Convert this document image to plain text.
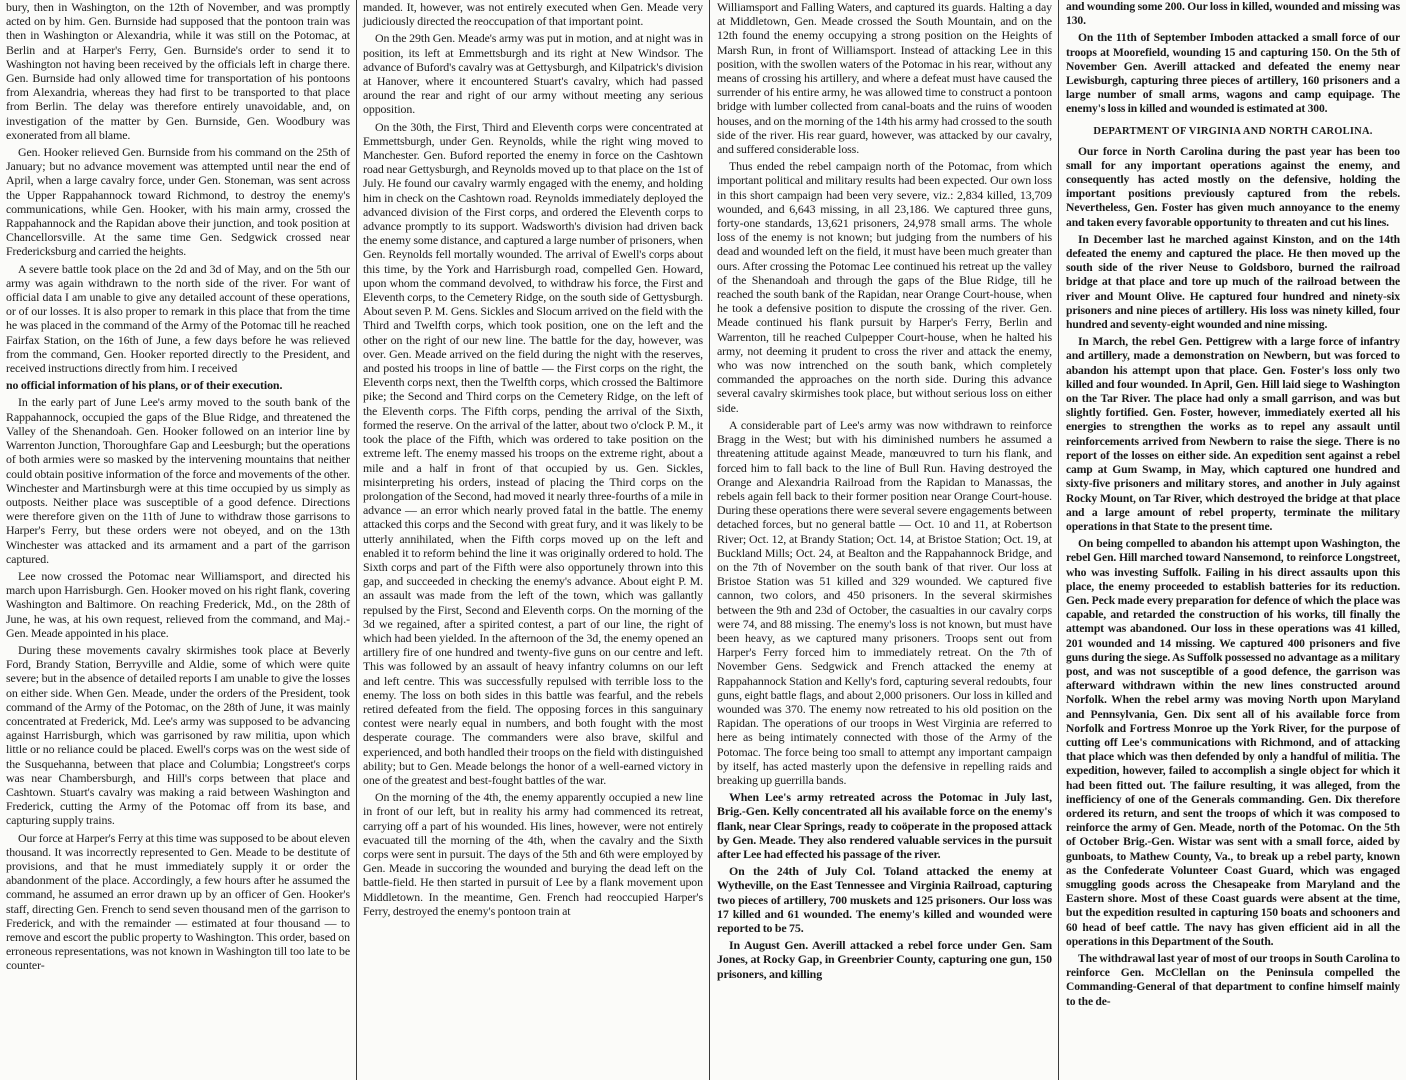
bury, then in Washington, on the 12th of November, and was promptly acted on by him. Gen. Burnside had supposed that the pontoon train was then in Washington or Alexandria, while it was still on the Potomac, at Berlin and at Harper's Ferry, Gen. Burnside's order to send it to Washington not having been received by the officials left in charge there. Gen. Burnside had only allowed time for transportation of his pontoons from Alexandria, whereas they had first to be transported to that place from Berlin. The delay was therefore entirely unavoidable, and, on investigation of the matter by Gen. Burnside, Gen. Woodbury was exonerated from all blame.

Gen. Hooker relieved Gen. Burnside from his command on the 25th of January; but no advance movement was attempted until near the end of April, when a large cavalry force, under Gen. Stoneman, was sent across the Upper Rappahannock toward Richmond, to destroy the enemy's communications, while Gen. Hooker, with his main army, crossed the Rappahannock and the Rapidan above their junction, and took position at Chancellorsville. At the same time Gen. Sedgwick crossed near Fredericksburg and carried the heights.

A severe battle took place on the 2d and 3d of May, and on the 5th our army was again withdrawn to the north side of the river. For want of official data I am unable to give any detailed account of these operations, or of our losses. It is also proper to remark in this place that from the time he was placed in the command of the Army of the Potomac till he reached Fairfax Station, on the 16th of June, a few days before he was relieved from the command, Gen. Hooker reported directly to the President, and received instructions directly from him. I received

no official information of his plans, or of their execution.

In the early part of June Lee's army moved to the south bank of the Rappahannock, occupied the gaps of the Blue Ridge, and threatened the Valley of the Shenandoah. Gen. Hooker followed on an interior line by Warrenton Junction, Thoroughfare Gap and Leesburgh; but the operations of both armies were so masked by the intervening mountains that neither could obtain positive information of the force and movements of the other. Winchester and Martinsburgh were at this time occupied by us simply as outposts. Neither place was susceptible of a good defence. Directions were therefore given on the 11th of June to withdraw those garrisons to Harper's Ferry, but these orders were not obeyed, and on the 13th Winchester was attacked and its armament and a part of the garrison captured.

Lee now crossed the Potomac near Williamsport, and directed his march upon Harrisburgh. Gen. Hooker moved on his right flank, covering Washington and Baltimore. On reaching Frederick, Md., on the 28th of June, he was, at his own request, relieved from the command, and Maj.-Gen. Meade appointed in his place.

During these movements cavalry skirmishes took place at Beverly Ford, Brandy Station, Berryville and Aldie, some of which were quite severe; but in the absence of detailed reports I am unable to give the losses on either side. When Gen. Meade, under the orders of the President, took command of the Army of the Potomac, on the 28th of June, it was mainly concentrated at Frederick, Md. Lee's army was supposed to be advancing against Harrisburgh, which was garrisoned by raw militia, upon which little or no reliance could be placed. Ewell's corps was on the west side of the Susquehanna, between that place and Columbia; Longstreet's corps was near Chambersburgh, and Hill's corps between that place and Cashtown. Stuart's cavalry was making a raid between Washington and Frederick, cutting the Army of the Potomac off from its base, and capturing supply trains.

Our force at Harper's Ferry at this time was supposed to be about eleven thousand. It was incorrectly represented to Gen. Meade to be destitute of provisions, and that he must immediately supply it or order the abandonment of the place. Accordingly, a few hours after he assumed the command, he assumed an error drawn up by an officer of Gen. Hooker's staff, directing Gen. French to send seven thousand men of the garrison to Frederick, and with the remainder — estimated at four thousand — to remove and escort the public property to Washington. This order, based on erroneous representations, was not known in Washington till too late to be counter-

manded. It, however, was not entirely executed when Gen. Meade very judiciously directed the reoccupation of that important point.

On the 29th Gen. Meade's army was put in motion, and at night was in position, its left at Emmettsburgh and its right at New Windsor. The advance of Buford's cavalry was at Gettysburgh, and Kilpatrick's division at Hanover, where it encountered Stuart's cavalry, which had passed around the rear and right of our army without meeting any serious opposition.

On the 30th, the First, Third and Eleventh corps were concentrated at Emmettsburgh, under Gen. Reynolds, while the right wing moved to Manchester. Gen. Buford reported the enemy in force on the Cashtown road near Gettysburgh, and Reynolds moved up to that place on the 1st of July. He found our cavalry warmly engaged with the enemy, and holding him in check on the Cashtown road. Reynolds immediately deployed the advanced division of the First corps, and ordered the Eleventh corps to advance promptly to its support. Wadsworth's division had driven back the enemy some distance, and captured a large number of prisoners, when Gen. Reynolds fell mortally wounded. The arrival of Ewell's corps about this time, by the York and Harrisburgh road, compelled Gen. Howard, upon whom the command devolved, to withdraw his force, the First and Eleventh corps, to the Cemetery Ridge, on the south side of Gettysburgh. About seven P. M. Gens. Sickles and Slocum arrived on the field with the Third and Twelfth corps, which took position, one on the left and the other on the right of our new line. The battle for the day, however, was over. Gen. Meade arrived on the field during the night with the reserves, and posted his troops in line of battle — the First corps on the right, the Eleventh corps next, then the Twelfth corps, which crossed the Baltimore pike; the Second and Third corps on the Cemetery Ridge, on the left of the Eleventh corps. The Fifth corps, pending the arrival of the Sixth, formed the reserve. On the arrival of the latter, about two o'clock P. M., it took the place of the Fifth, which was ordered to take position on the extreme left. The enemy massed his troops on the extreme right, about a mile and a half in front of that occupied by us. Gen. Sickles, misinterpreting his orders, instead of placing the Third corps on the prolongation of the Second, had moved it nearly three-fourths of a mile in advance — an error which nearly proved fatal in the battle. The enemy attacked this corps and the Second with great fury, and it was likely to be utterly annihilated, when the Fifth corps moved up on the left and enabled it to reform behind the line it was originally ordered to hold. The Sixth corps and part of the Fifth were also opportunely thrown into this gap, and succeeded in checking the enemy's advance. About eight P. M. an assault was made from the left of the town, which was gallantly repulsed by the First, Second and Eleventh corps. On the morning of the 3d we regained, after a spirited contest, a part of our line, the right of which had been yielded. In the afternoon of the 3d, the enemy opened an artillery fire of one hundred and twenty-five guns on our centre and left. This was followed by an assault of heavy infantry columns on our left and left centre. This was successfully repulsed with terrible loss to the enemy. The loss on both sides in this battle was fearful, and the rebels retired defeated from the field. The opposing forces in this sanguinary contest were nearly equal in numbers, and both fought with the most desperate courage. The commanders were also brave, skilful and experienced, and both handled their troops on the field with distinguished ability; but to Gen. Meade belongs the honor of a well-earned victory in one of the greatest and best-fought battles of the war.

On the morning of the 4th, the enemy apparently occupied a new line in front of our left, but in reality his army had commenced its retreat, carrying off a part of his wounded. His lines, however, were not entirely evacuated till the morning of the 4th, when the cavalry and the Sixth corps were sent in pursuit. The days of the 5th and 6th were employed by Gen. Meade in succoring the wounded and burying the dead left on the battle-field. He then started in pursuit of Lee by a flank movement upon Middletown. In the meantime, Gen. French had reoccupied Harper's Ferry, destroyed the enemy's pontoon train at

Williamsport and Falling Waters, and captured its guards. Halting a day at Middletown, Gen. Meade crossed the South Mountain, and on the 12th found the enemy occupying a strong position on the Heights of Marsh Run, in front of Williamsport. Instead of attacking Lee in this position, with the swollen waters of the Potomac in his rear, without any means of crossing his artillery, and where a defeat must have caused the surrender of his entire army, he was allowed time to construct a pontoon bridge with lumber collected from canal-boats and the ruins of wooden houses, and on the morning of the 14th his army had crossed to the south side of the river. His rear guard, however, was attacked by our cavalry, and suffered considerable loss.

Thus ended the rebel campaign north of the Potomac, from which important political and military results had been expected. Our own loss in this short campaign had been very severe, viz.: 2,834 killed, 13,709 wounded, and 6,643 missing, in all 23,186. We captured three guns, forty-one standards, 13,621 prisoners, 24,978 small arms. The whole loss of the enemy is not known; but judging from the numbers of his dead and wounded left on the field, it must have been much greater than ours. After crossing the Potomac Lee continued his retreat up the valley of the Shenandoah and through the gaps of the Blue Ridge, till he reached the south bank of the Rapidan, near Orange Court-house, when he took a defensive position to dispute the crossing of the river. Gen. Meade continued his flank pursuit by Harper's Ferry, Berlin and Warrenton, till he reached Culpepper Court-house, when he halted his army, not deeming it prudent to cross the river and attack the enemy, who was now intrenched on the south bank, which completely commanded the approaches on the north side. During this advance several cavalry skirmishes took place, but without serious loss on either side.

A considerable part of Lee's army was now withdrawn to reinforce Bragg in the West; but with his diminished numbers he assumed a threatening attitude against Meade, manœuvred to turn his flank, and forced him to fall back to the line of Bull Run. Having destroyed the Orange and Alexandria Railroad from the Rapidan to Manassas, the rebels again fell back to their former position near Orange Court-house. During these operations there were several severe engagements between detached forces, but no general battle — Oct. 10 and 11, at Robertson River; Oct. 12, at Brandy Station; Oct. 14, at Bristoe Station; Oct. 19, at Buckland Mills; Oct. 24, at Bealton and the Rappahannock Bridge, and on the 7th of November on the south bank of that river. Our loss at Bristoe Station was 51 killed and 329 wounded. We captured five cannon, two colors, and 450 prisoners. In the several skirmishes between the 9th and 23d of October, the casualties in our cavalry corps were 74, and 88 missing. The enemy's loss is not known, but must have been heavy, as we captured many prisoners. Troops sent out from Harper's Ferry forced him to immediately retreat. On the 7th of November Gens. Sedgwick and French attacked the enemy at Rappahannock Station and Kelly's ford, capturing several redoubts, four guns, eight battle flags, and about 2,000 prisoners. Our loss in killed and wounded was 370. The enemy now retreated to his old position on the Rapidan. The operations of our troops in West Virginia are referred to here as being intimately connected with those of the Army of the Potomac. The force being too small to attempt any important campaign by itself, has acted masterly upon the defensive in repelling raids and breaking up guerrilla bands.

When Lee's army retreated across the Potomac in July last, Brig.-Gen. Kelly concentrated all his available force on the enemy's flank, near Clear Springs, ready to coöperate in the proposed attack by Gen. Meade. They also rendered valuable services in the pursuit after Lee had effected his passage of the river.

On the 24th of July Col. Toland attacked the enemy at Wytheville, on the East Tennessee and Virginia Railroad, capturing two pieces of artillery, 700 muskets and 125 prisoners. Our loss was 17 killed and 61 wounded. The enemy's killed and wounded were reported to be 75.

In August Gen. Averill attacked a rebel force under Gen. Sam Jones, at Rocky Gap, in Greenbrier County, capturing one gun, 150 prisoners, and killing

and wounding some 200. Our loss in killed, wounded and missing was 130.

On the 11th of September Imboden attacked a small force of our troops at Moorefield, wounding 15 and capturing 150. On the 5th of November Gen. Averill attacked and defeated the enemy near Lewisburgh, capturing three pieces of artillery, 160 prisoners and a large number of small arms, wagons and camp equipage. The enemy's loss in killed and wounded is estimated at 300.

DEPARTMENT OF VIRGINIA AND NORTH CAROLINA.

Our force in North Carolina during the past year has been too small for any important operations against the enemy, and consequently has acted mostly on the defensive, holding the important positions previously captured from the rebels. Nevertheless, Gen. Foster has given much annoyance to the enemy and taken every favorable opportunity to threaten and cut his lines.

In December last he marched against Kinston, and on the 14th defeated the enemy and captured the place. He then moved up the south side of the river Neuse to Goldsboro, burned the railroad bridge at that place and tore up much of the railroad between the river and Mount Olive. He captured four hundred and ninety-six prisoners and nine pieces of artillery. His loss was ninety killed, four hundred and seventy-eight wounded and nine missing.

In March, the rebel Gen. Pettigrew with a large force of infantry and artillery, made a demonstration on Newbern, but was forced to abandon his attempt upon that place. Gen. Foster's loss only two killed and four wounded. In April, Gen. Hill laid siege to Washington on the Tar River. The place had only a small garrison, and was but slightly fortified. Gen. Foster, however, immediately exerted all his energies to strengthen the works as to repel any assault until reinforcements arrived from Newbern to raise the siege. There is no report of the losses on either side. An expedition sent against a rebel camp at Gum Swamp, in May, which captured one hundred and sixty-five prisoners and military stores, and another in July against Rocky Mount, on Tar River, which destroyed the bridge at that place and a large amount of rebel property, terminate the military operations in that State to the present time.

On being compelled to abandon his attempt upon Washington, the rebel Gen. Hill marched toward Nansemond, to reinforce Longstreet, who was investing Suffolk. Failing in his direct assaults upon this place, the enemy proceeded to establish batteries for its reduction. Gen. Peck made every preparation for defence of which the place was capable, and retarded the construction of his works, till finally the attempt was abandoned. Our loss in these operations was 41 killed, 201 wounded and 14 missing. We captured 400 prisoners and five guns during the siege. As Suffolk possessed no advantage as a military post, and was not susceptible of a good defence, the garrison was afterward withdrawn within the new lines constructed around Norfolk. When the rebel army was moving North upon Maryland and Pennsylvania, Gen. Dix sent all of his available force from Norfolk and Fortress Monroe up the York River, for the purpose of cutting off Lee's communications with Richmond, and of attacking that place which was then defended by only a handful of militia. The expedition, however, failed to accomplish a single object for which it had been fitted out. The failure resulting, it was alleged, from the inefficiency of one of the Generals commanding. Gen. Dix therefore ordered its return, and sent the troops of which it was composed to reinforce the army of Gen. Meade, north of the Potomac. On the 5th of October Brig.-Gen. Wistar was sent with a small force, aided by gunboats, to Mathew County, Va., to break up a rebel party, known as the Confederate Volunteer Coast Guard, which was engaged smuggling goods across the Chesapeake from Maryland and the Eastern shore. Most of these Coast guards were absent at the time, but the expedition resulted in capturing 150 boats and schooners and 60 head of beef cattle. The navy has given efficient aid in all the operations in this Department of the South.

The withdrawal last year of most of our troops in South Carolina to reinforce Gen. McClellan on the Peninsula compelled the Commanding-General of that department to confine himself mainly to the de-
